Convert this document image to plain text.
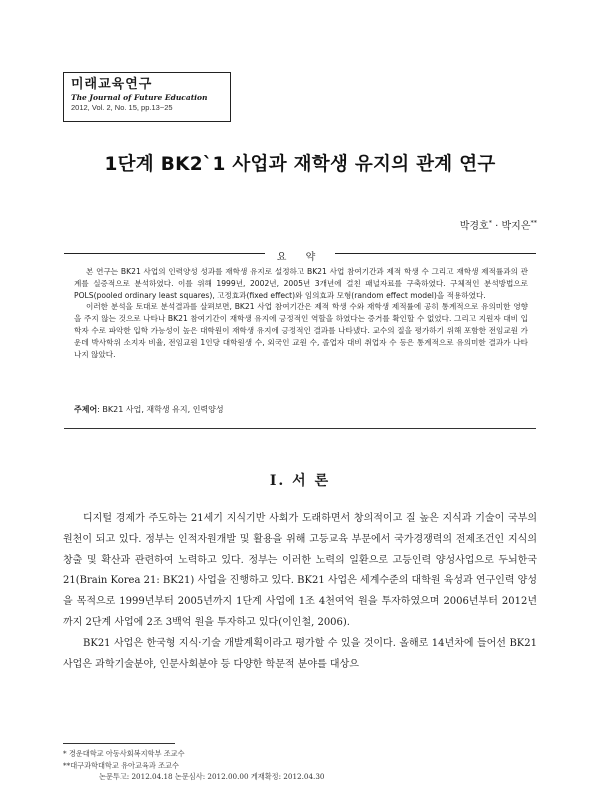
미래교육연구
The Journal of Future Education
2012, Vol. 2, No. 15, pp.13~25
1단계 BK2`1 사업과 재학생 유지의 관계 연구
박경호* · 박지은**
요 약

본 연구는 BK21 사업의 인력양성 성과를 재학생 유지로 설정하고 BK21 사업 참여기간과 제적 학생 수 그리고 재학생 제적률과의 관계를 실증적으로 분석하였다. 이를 위해 1999년, 2002년, 2005년 3개년에 걸친 패널자료를 구축하였다. 구체적인 분석방법으로 POLS(pooled ordinary least squares), 고정효과(fixed effect)와 임의효과 모형(random effect model)을 적용하였다.

이러한 분석을 토대로 분석결과를 살펴보면, BK21 사업 참여기간은 제적 학생 수와 재학생 제적률에 공히 통계적으로 유의미한 영향을 주지 않는 것으로 나타나 BK21 참여기간이 재학생 유지에 긍정적인 역할을 하였다는 증거를 확인할 수 없었다. 그리고 지원자 대비 입학자 수로 파악한 입학 가능성이 높은 대학원이 재학생 유지에 긍정적인 결과를 나타냈다. 교수의 질을 평가하기 위해 포함한 전임교원 가운데 박사학위 소지자 비율, 전임교원 1인당 대학원생 수, 외국인 교원 수, 졸업자 대비 취업자 수 등은 통계적으로 유의미한 결과가 나타나지 않았다.

주제어: BK21 사업, 재학생 유지, 인력양성
Ⅰ. 서 론

디지털 경제가 주도하는 21세기 지식기반 사회가 도래하면서 창의적이고 질 높은 지식과 기술이 국부의 원천이 되고 있다. 정부는 인적자원개발 및 활용을 위해 고등교육 부문에서 국가경쟁력의 전제조건인 지식의 창출 및 확산과 관련하여 노력하고 있다. 정부는 이러한 노력의 일환으로 고등인력 양성사업으로 두뇌한국 21(Brain Korea 21: BK21) 사업을 진행하고 있다. BK21 사업은 세계수준의 대학원 육성과 연구인력 양성을 목적으로 1999년부터 2005년까지 1단계 사업에 1조 4천여억 원을 투자하였으며 2006년부터 2012년까지 2단계 사업에 2조 3백억 원을 투자하고 있다(이인철, 2006).

BK21 사업은 한국형 지식·기술 개발계획이라고 평가할 수 있을 것이다. 올해로 14년차에 들어선 BK21 사업은 과학기술분야, 인문사회분야 등 다양한 학문적 분야를 대상으

* 경운대학교 아동사회복지학부 조교수

**대구과학대학교 유아교육과 조교수

논문투고: 2012.04.18 논문심사: 2012.00.00 게재확정: 2012.04.30
